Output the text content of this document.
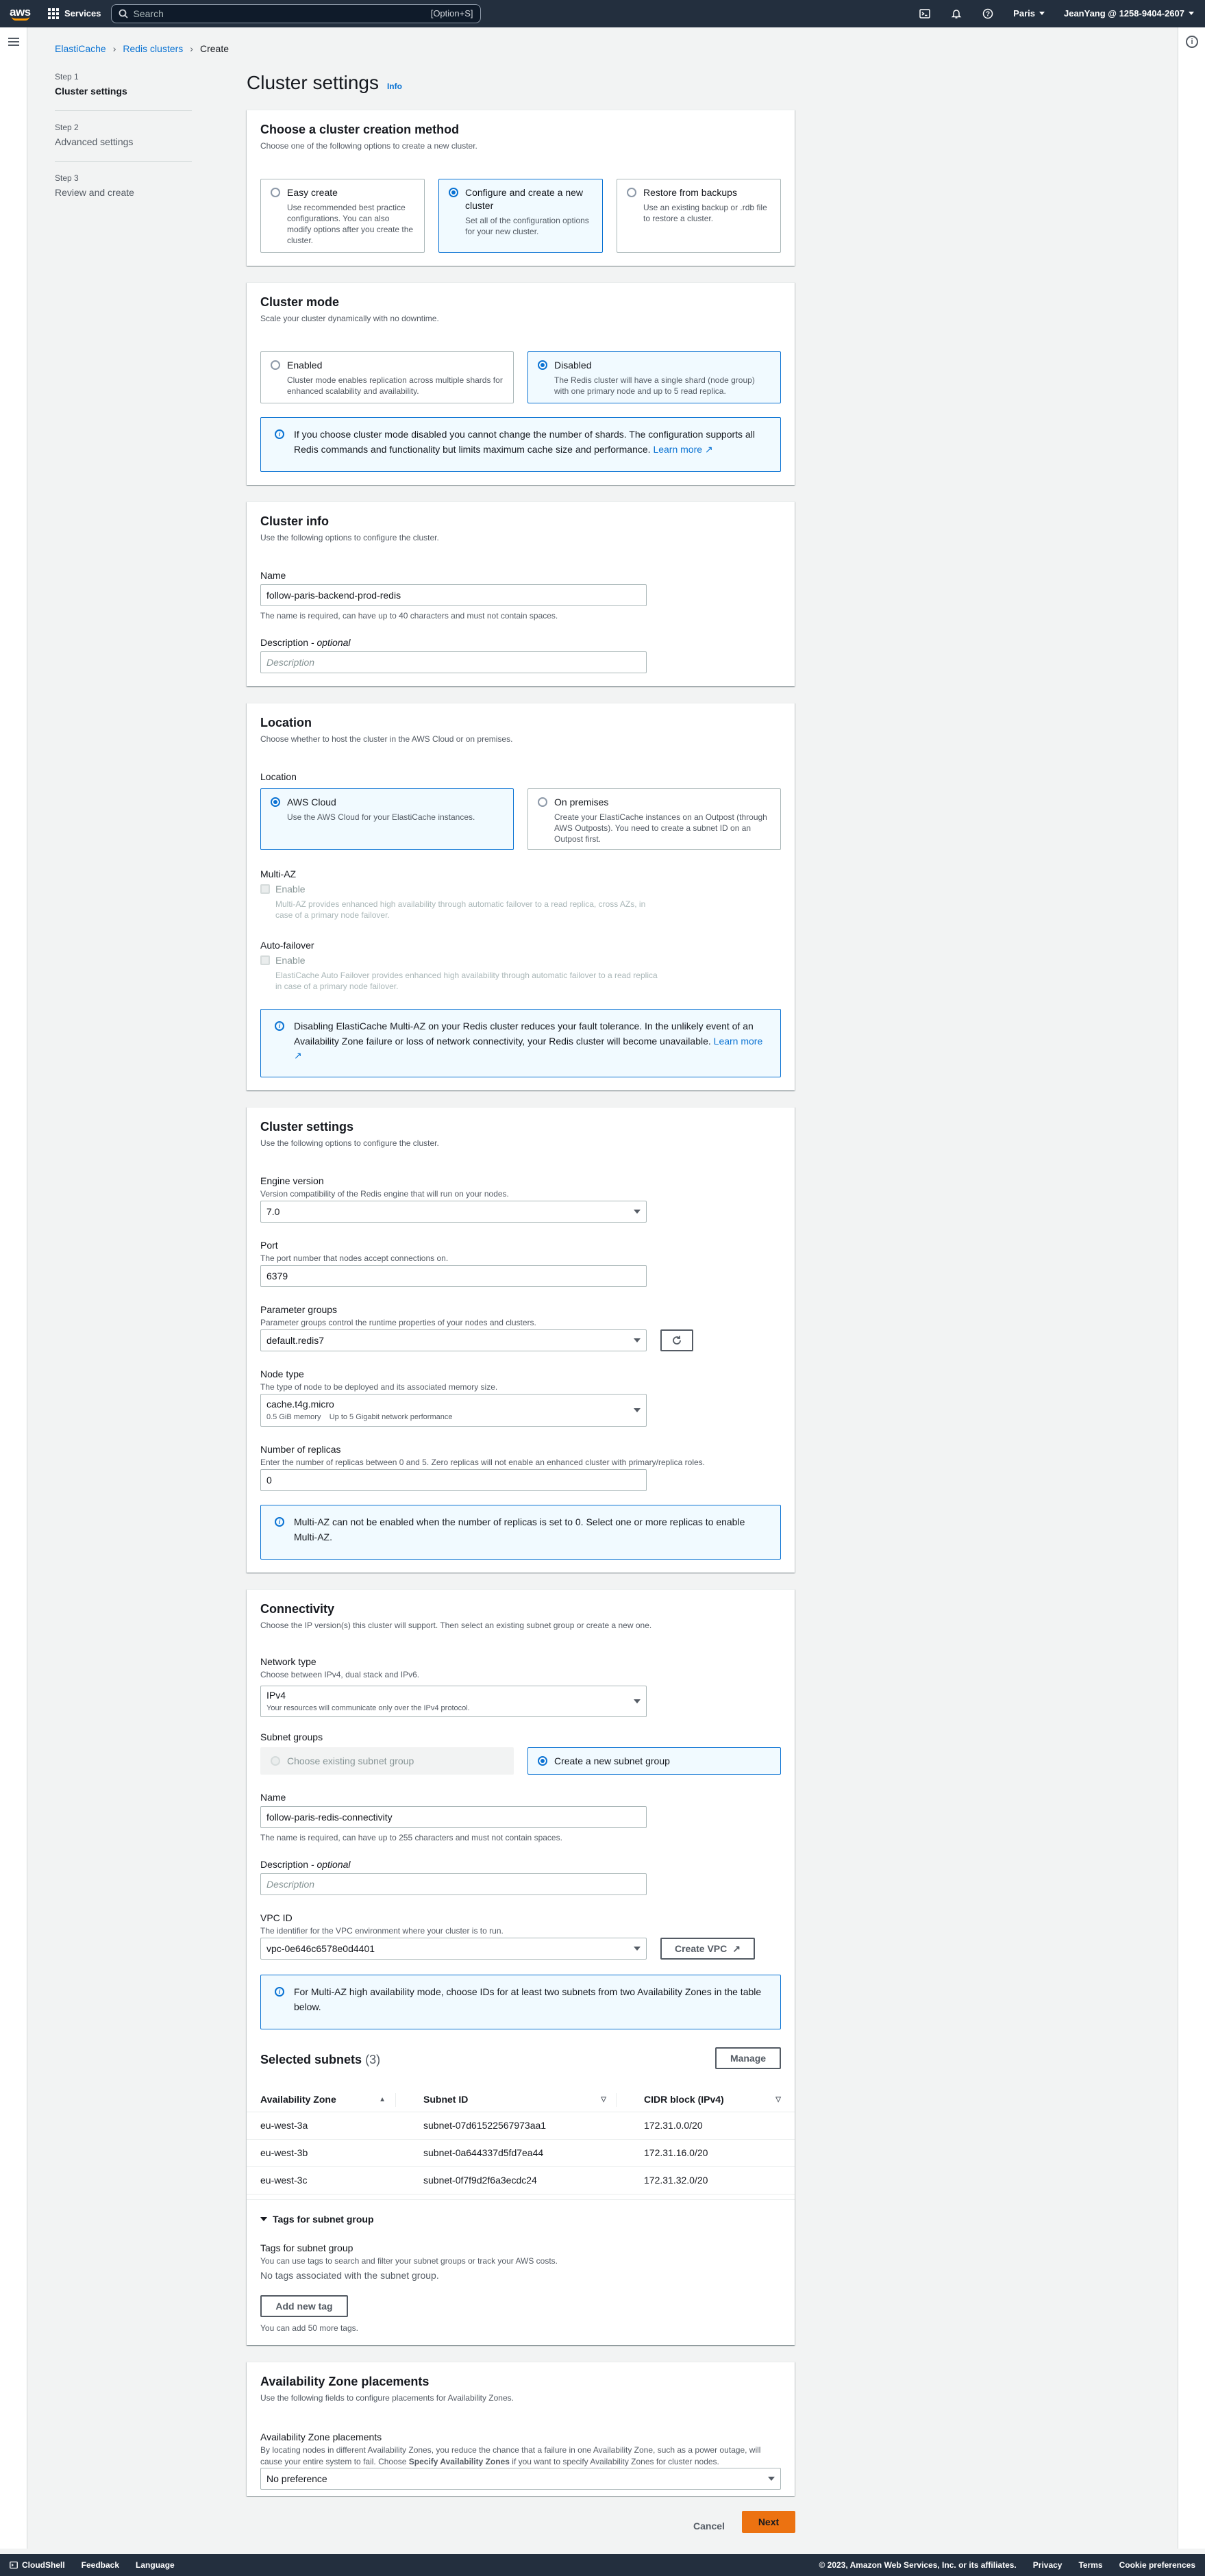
aws	Services	Search	[Option+S]	?	Paris	JeanYang @ 1258-9404-2607
i
ElastiCache › Redis clusters › Create
Step 1
Cluster settings
Step 2
Advanced settings
Step 3
Review and create
Cluster settings Info
Choose a cluster creation method
Choose one of the following options to create a new cluster.
Easy create
Use recommended best practice configurations. You can also modify options after you create the cluster.
Configure and create a new cluster
Set all of the configuration options for your new cluster.
Restore from backups
Use an existing backup or .rdb file to restore a cluster.
Cluster mode
Scale your cluster dynamically with no downtime.
Enabled
Cluster mode enables replication across multiple shards for enhanced scalability and availability.
Disabled
The Redis cluster will have a single shard (node group) with one primary node and up to 5 read replica.
i	If you choose cluster mode disabled you cannot change the number of shards. The configuration supports all Redis commands and functionality but limits maximum cache size and performance. Learn more ↗
Cluster info
Use the following options to configure the cluster.
Name
follow-paris-backend-prod-redis
The name is required, can have up to 40 characters and must not contain spaces.
Description - optional
Description
Location
Choose whether to host the cluster in the AWS Cloud or on premises.
Location
AWS Cloud
Use the AWS Cloud for your ElastiCache instances.
On premises
Create your ElastiCache instances on an Outpost (through AWS Outposts). You need to create a subnet ID on an Outpost first.
Multi-AZ
Enable
Multi-AZ provides enhanced high availability through automatic failover to a read replica, cross AZs, in case of a primary node failover.
Auto-failover
Enable
ElastiCache Auto Failover provides enhanced high availability through automatic failover to a read replica in case of a primary node failover.
i	Disabling ElastiCache Multi-AZ on your Redis cluster reduces your fault tolerance. In the unlikely event of an Availability Zone failure or loss of network connectivity, your Redis cluster will become unavailable. Learn more ↗
Cluster settings
Use the following options to configure the cluster.
Engine version
Version compatibility of the Redis engine that will run on your nodes.
7.0
Port
The port number that nodes accept connections on.
6379
Parameter groups
Parameter groups control the runtime properties of your nodes and clusters.
default.redis7
Node type
The type of node to be deployed and its associated memory size.
cache.t4g.micro
0.5 GiB memory Up to 5 Gigabit network performance
Number of replicas
Enter the number of replicas between 0 and 5. Zero replicas will not enable an enhanced cluster with primary/replica roles.
0
i	Multi-AZ can not be enabled when the number of replicas is set to 0. Select one or more replicas to enable Multi-AZ.
Connectivity
Choose the IP version(s) this cluster will support. Then select an existing subnet group or create a new one.
Network type
Choose between IPv4, dual stack and IPv6.
IPv4
Your resources will communicate only over the IPv4 protocol.
Subnet groups
Choose existing subnet group	Create a new subnet group
Name
follow-paris-redis-connectivity
The name is required, can have up to 255 characters and must not contain spaces.
Description - optional
Description
VPC ID
The identifier for the VPC environment where your cluster is to run.
vpc-0e646c6578e0d4401	Create VPC ↗
i	For Multi-AZ high availability mode, choose IDs for at least two subnets from two Availability Zones in the table below.
Selected subnets (3)	Manage
Availability Zone ▲	Subnet ID ▽	CIDR block (IPv4) ▽

eu-west-3a	subnet-07d61522567973aa1	172.31.0.0/20
eu-west-3b	subnet-0a644337d5fd7ea44	172.31.16.0/20
eu-west-3c	subnet-0f7f9d2f6a3ecdc24	172.31.32.0/20
Tags for subnet group
Tags for subnet group
You can use tags to search and filter your subnet groups or track your AWS costs.
No tags associated with the subnet group.
Add new tag
You can add 50 more tags.
Availability Zone placements
Use the following fields to configure placements for Availability Zones.
Availability Zone placements
By locating nodes in different Availability Zones, you reduce the chance that a failure in one Availability Zone, such as a power outage, will cause your entire system to fail. Choose Specify Availability Zones if you want to specify Availability Zones for cluster nodes.
No preference
Cancel	Next
CloudShell Feedback Language	© 2023, Amazon Web Services, Inc. or its affiliates. Privacy Terms Cookie preferences
